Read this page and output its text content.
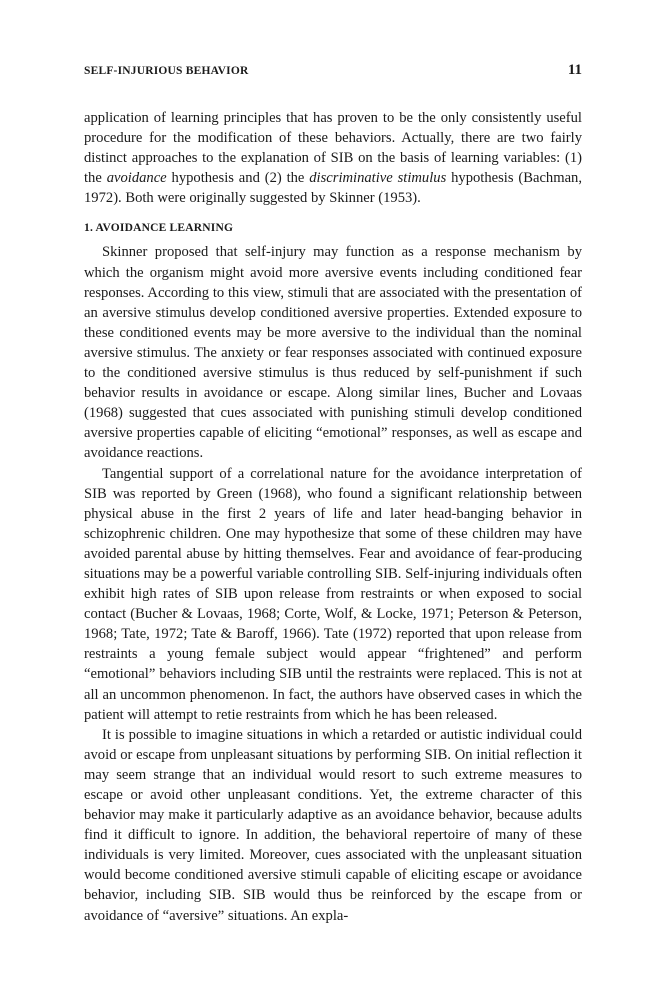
SELF-INJURIOUS BEHAVIOR	11

application of learning principles that has proven to be the only consistently useful procedure for the modification of these behaviors. Actually, there are two fairly distinct approaches to the explanation of SIB on the basis of learning variables: (1) the avoidance hypothesis and (2) the discriminative stimulus hypothesis (Bachman, 1972). Both were originally suggested by Skinner (1953).

1. AVOIDANCE LEARNING

Skinner proposed that self-injury may function as a response mechanism by which the organism might avoid more aversive events including conditioned fear responses. According to this view, stimuli that are associated with the presentation of an aversive stimulus develop conditioned aversive properties. Extended exposure to these conditioned events may be more aversive to the individual than the nominal aversive stimulus. The anxiety or fear responses associated with continued exposure to the conditioned aversive stimulus is thus reduced by self-punishment if such behavior results in avoidance or escape. Along similar lines, Bucher and Lovaas (1968) suggested that cues associated with punishing stimuli develop conditioned aversive properties capable of eliciting “emotional” responses, as well as escape and avoidance reactions.

Tangential support of a correlational nature for the avoidance interpretation of SIB was reported by Green (1968), who found a significant relationship between physical abuse in the first 2 years of life and later head-banging behavior in schizophrenic children. One may hypothesize that some of these children may have avoided parental abuse by hitting themselves. Fear and avoidance of fear-producing situations may be a powerful variable controlling SIB. Self-injuring individuals often exhibit high rates of SIB upon release from restraints or when exposed to social contact (Bucher & Lovaas, 1968; Corte, Wolf, & Locke, 1971; Peterson & Peterson, 1968; Tate, 1972; Tate & Baroff, 1966). Tate (1972) reported that upon release from restraints a young female subject would appear “frightened” and perform “emotional” behaviors including SIB until the restraints were replaced. This is not at all an uncommon phenomenon. In fact, the authors have observed cases in which the patient will attempt to retie restraints from which he has been released.

It is possible to imagine situations in which a retarded or autistic individual could avoid or escape from unpleasant situations by performing SIB. On initial reflection it may seem strange that an individual would resort to such extreme measures to escape or avoid other unpleasant conditions. Yet, the extreme character of this behavior may make it particularly adaptive as an avoidance behavior, because adults find it difficult to ignore. In addition, the behavioral repertoire of many of these individuals is very limited. Moreover, cues associated with the unpleasant situation would become conditioned aversive stimuli capable of eliciting escape or avoidance behavior, including SIB. SIB would thus be reinforced by the escape from or avoidance of “aversive” situations. An expla-
